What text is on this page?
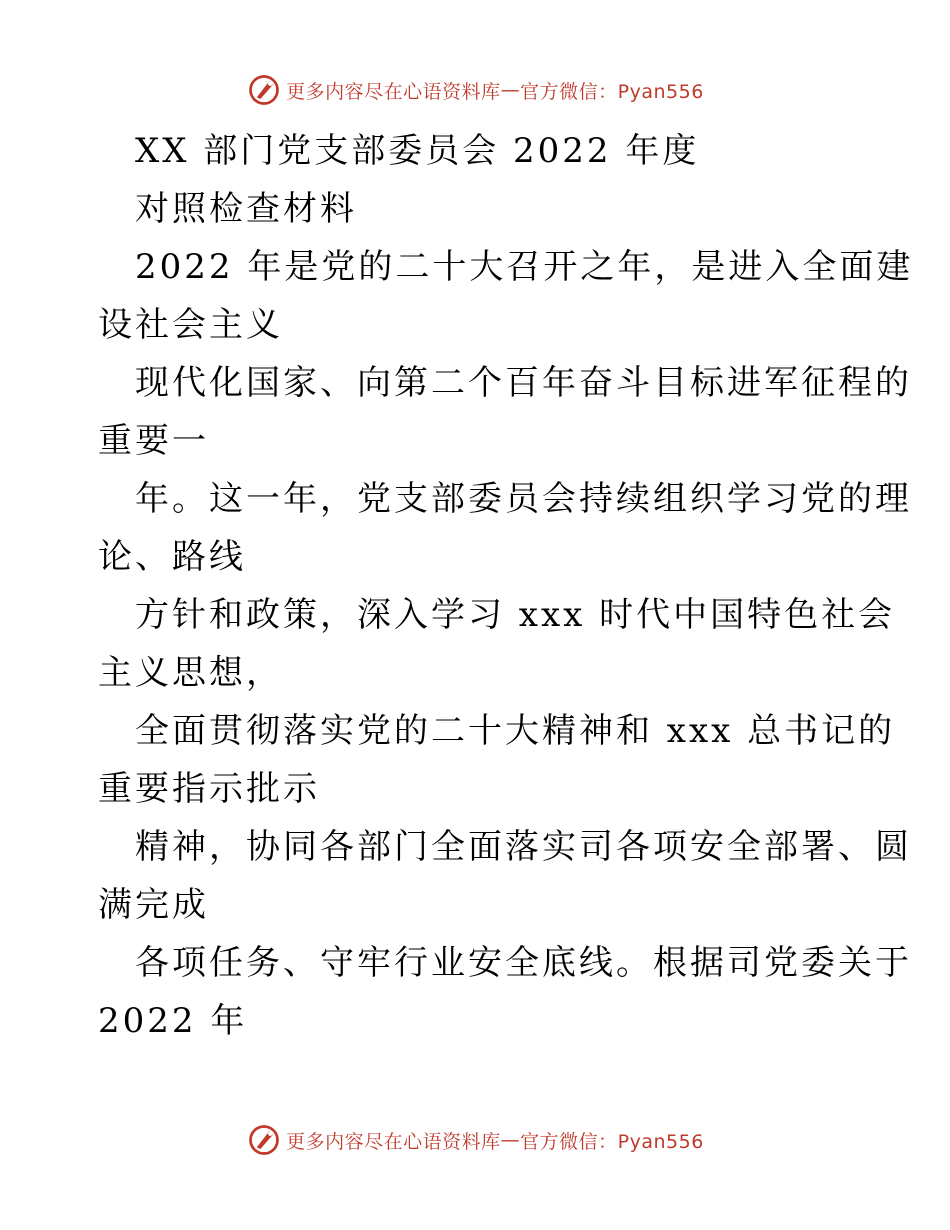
更多内容尽在心语资料库 — 官方微信：Pyan556
XX 部门党支部委员会 2022 年度
对照检查材料
2022 年是党的二十大召开之年，是进入全面建
设社会主义
现代化国家、向第二个百年奋斗目标进军征程的
重要一
年。这一年，党支部委员会持续组织学习党的理
论、路线
方针和政策，深入学习 xxx 时代中国特色社会
主义思想，
全面贯彻落实党的二十大精神和 xxx 总书记的
重要指示批示
精神，协同各部门全面落实司各项安全部署、圆
满完成
各项任务、守牢行业安全底线。根据司党委关于
2022 年
更多内容尽在心语资料库 — 官方微信：Pyan556
